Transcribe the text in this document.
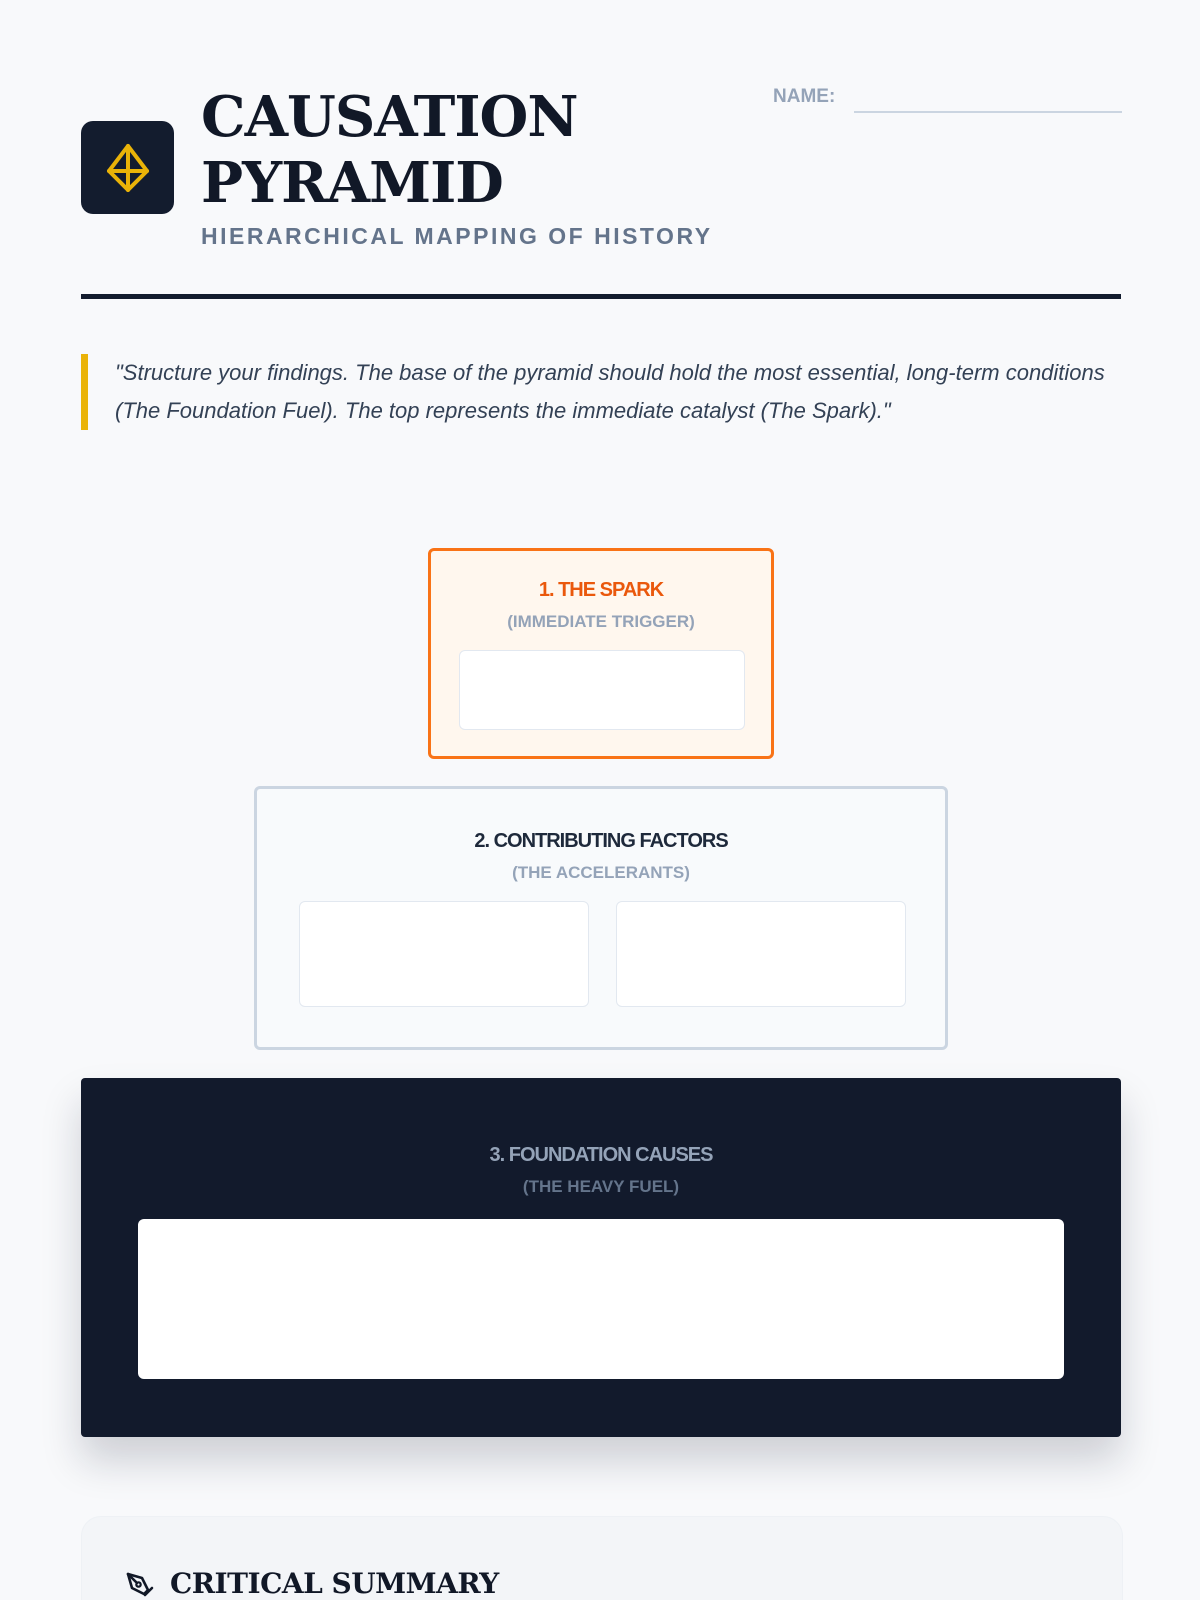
CAUSATION
PYRAMID
HIERARCHICAL MAPPING OF HISTORY
NAME:
"Structure your findings. The base of the pyramid should hold the most essential, long-term conditions (The Foundation Fuel). The top represents the immediate catalyst (The Spark)."
1. THE SPARK
(IMMEDIATE TRIGGER)
2. CONTRIBUTING FACTORS
(THE ACCELERANTS)
3. FOUNDATION CAUSES
(THE HEAVY FUEL)
CRITICAL SUMMARY
